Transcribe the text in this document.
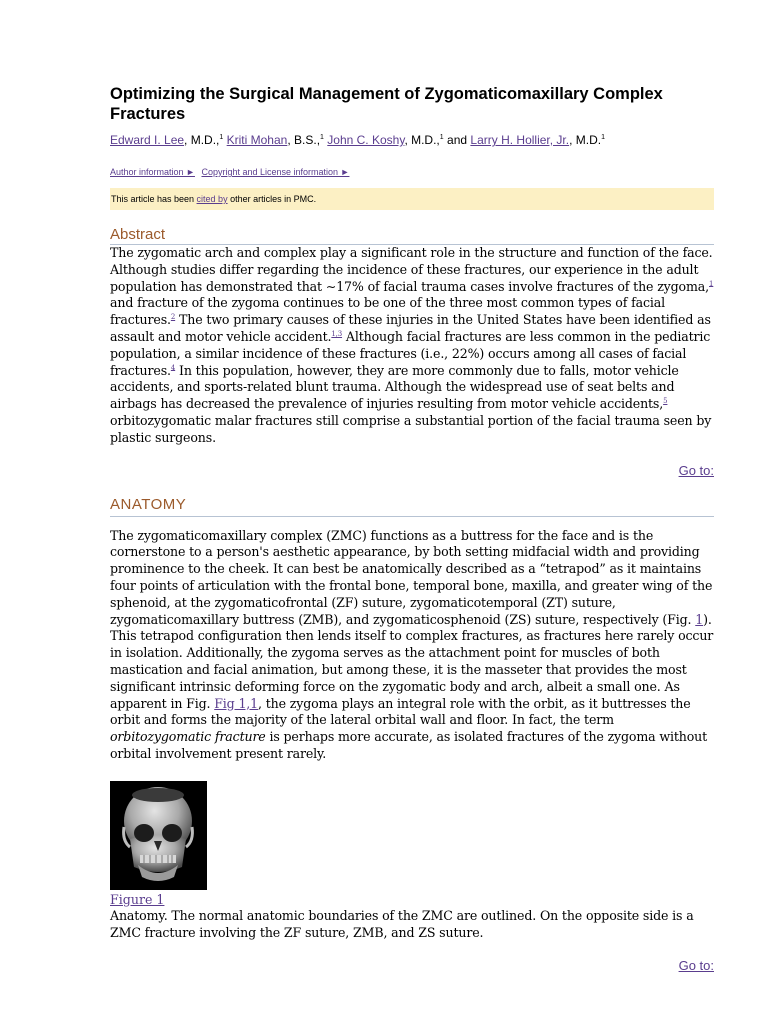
Optimizing the Surgical Management of Zygomaticomaxillary Complex Fractures
Edward I. Lee, M.D.,$^1$ Kriti Mohan, B.S.,$^1$ John C. Koshy, M.D.,$^1$ and Larry H. Hollier, Jr., M.D.$^1$
Author information ► Copyright and License information ►
This article has been cited by other articles in PMC.
Abstract

The zygomatic arch and complex play a significant role in the structure and function of the face. Although studies differ regarding the incidence of these fractures, our experience in the adult population has demonstrated that ∼17% of facial trauma cases involve fractures of the zygoma,$^1$ and fracture of the zygoma continues to be one of the three most common types of facial fractures.$^2$ The two primary causes of these injuries in the United States have been identified as assault and motor vehicle accident.$^{1,3}$ Although facial fractures are less common in the pediatric population, a similar incidence of these fractures (i.e., 22%) occurs among all cases of facial fractures.$^4$ In this population, however, they are more commonly due to falls, motor vehicle accidents, and sports-related blunt trauma. Although the widespread use of seat belts and airbags has decreased the prevalence of injuries resulting from motor vehicle accidents,$^5$ orbitozygomatic malar fractures still comprise a substantial portion of the facial trauma seen by plastic surgeons.

Go to:
ANATOMY

The zygomaticomaxillary complex (ZMC) functions as a buttress for the face and is the cornerstone to a person's aesthetic appearance, by both setting midfacial width and providing prominence to the cheek. It can best be anatomically described as a “tetrapod” as it maintains four points of articulation with the frontal bone, temporal bone, maxilla, and greater wing of the sphenoid, at the zygomaticofrontal (ZF) suture, zygomaticotemporal (ZT) suture, zygomaticomaxillary buttress (ZMB), and zygomaticosphenoid (ZS) suture, respectively (Fig. 1). This tetrapod configuration then lends itself to complex fractures, as fractures here rarely occur in isolation. Additionally, the zygoma serves as the attachment point for muscles of both mastication and facial animation, but among these, it is the masseter that provides the most significant intrinsic deforming force on the zygomatic body and arch, albeit a small one. As apparent in Fig. Fig 1,1, the zygoma plays an integral role with the orbit, as it buttresses the orbit and forms the majority of the lateral orbital wall and floor. In fact, the term orbitozygomatic fracture is perhaps more accurate, as isolated fractures of the zygoma without orbital involvement present rarely.

Figure 1

Anatomy. The normal anatomic boundaries of the ZMC are outlined. On the opposite side is a ZMC fracture involving the ZF suture, ZMB, and ZS suture.

Go to:
